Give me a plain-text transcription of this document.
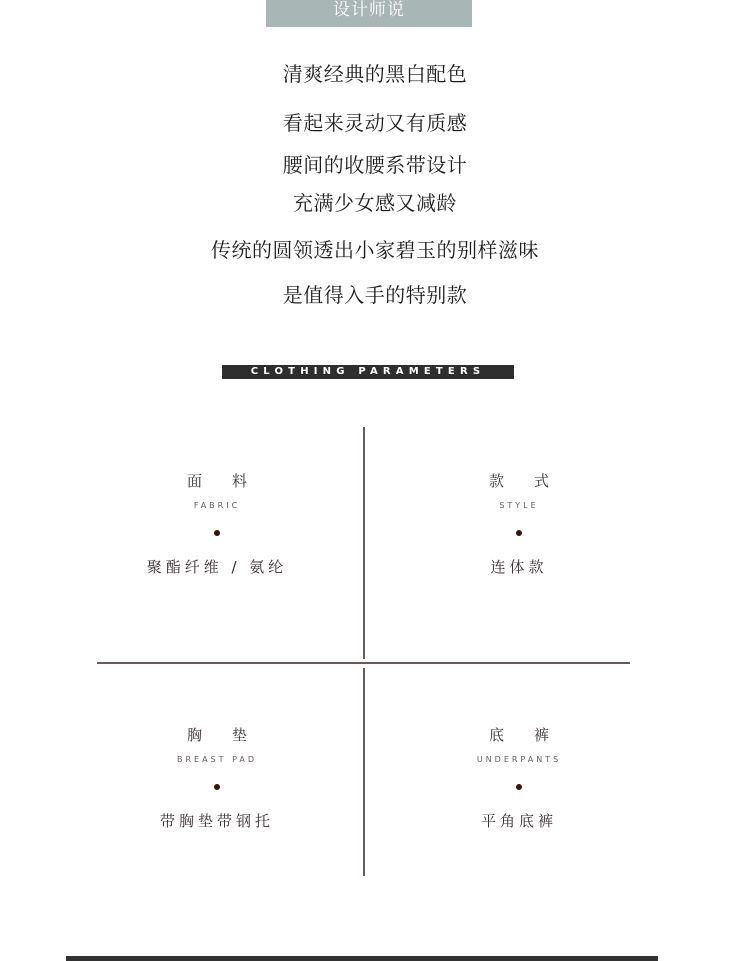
设计师说
清爽经典的黑白配色
看起来灵动又有质感
腰间的收腰系带设计
充满少女感又减龄
传统的圆领透出小家碧玉的别样滋味
是值得入手的特别款
CLOTHING PARAMETERS
面　　料
FABRIC
聚酯纤维 / 氨纶
款　　式
STYLE
连体款
胸　　垫
BREAST PAD
带胸垫带钢托
底　　裤
UNDERPANTS
平角底裤
